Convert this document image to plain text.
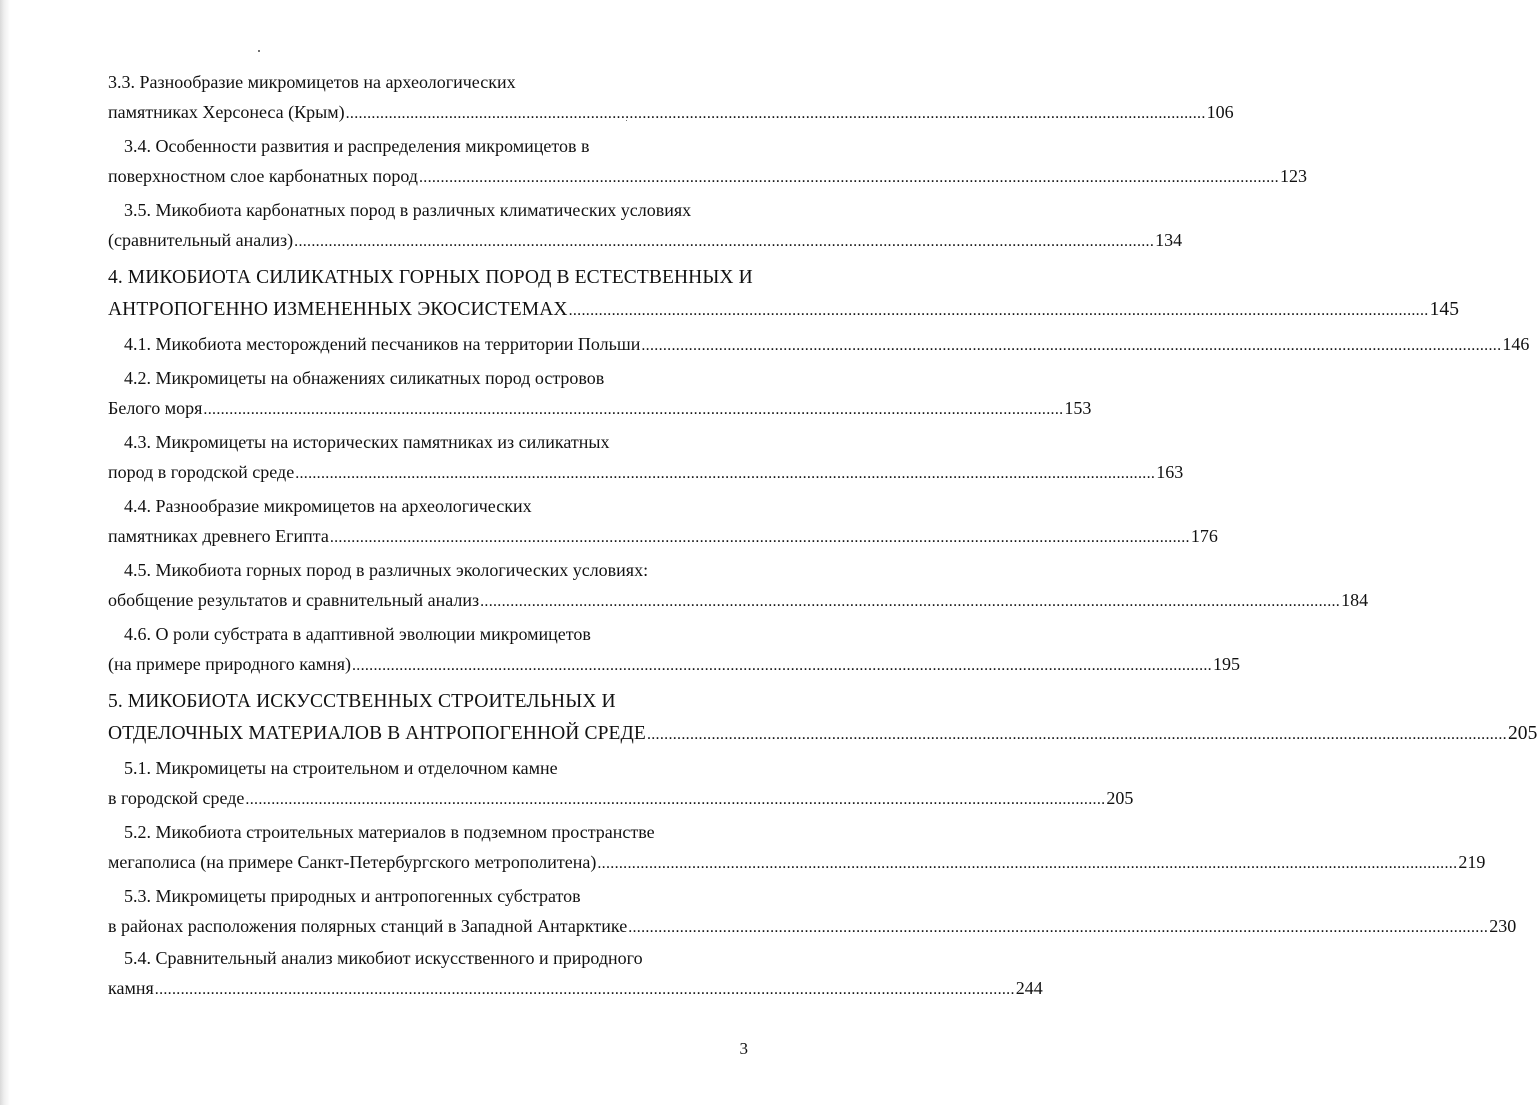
3.3. Разнообразие микромицетов на археологических
памятниках Херсонеса (Крым) ........................................................................................................................................................................................................ 106
3.4. Особенности развития и распределения микромицетов в
поверхностном слое карбонатных пород ........................................................................................................................................................................................................ 123
3.5. Микобиота карбонатных пород в различных климатических условиях
(сравнительный анализ) ........................................................................................................................................................................................................ 134
4. МИКОБИОТА СИЛИКАТНЫХ ГОРНЫХ ПОРОД В ЕСТЕСТВЕННЫХ И
АНТРОПОГЕННО ИЗМЕНЕННЫХ ЭКОСИСТЕМАХ ........................................................................................................................................................................................................ 145
4.1. Микобиота месторождений песчаников на территории Польши ........................................................................................................................................................................................................ 146
4.2. Микромицеты на обнажениях силикатных пород островов
Белого моря ........................................................................................................................................................................................................ 153
4.3. Микромицеты на исторических памятниках из силикатных
пород в городской среде ........................................................................................................................................................................................................ 163
4.4. Разнообразие микромицетов на археологических
памятниках древнего Египта ........................................................................................................................................................................................................ 176
4.5. Микобиота горных пород в различных экологических условиях:
обобщение результатов и сравнительный анализ ........................................................................................................................................................................................................ 184
4.6. О роли субстрата в адаптивной эволюции микромицетов
(на примере природного камня) ........................................................................................................................................................................................................ 195
5. МИКОБИОТА ИСКУССТВЕННЫХ СТРОИТЕЛЬНЫХ И
ОТДЕЛОЧНЫХ МАТЕРИАЛОВ В АНТРОПОГЕННОЙ СРЕДЕ ........................................................................................................................................................................................................ 205
5.1. Микромицеты на строительном и отделочном камне
в городской среде ........................................................................................................................................................................................................ 205
5.2. Микобиота строительных материалов в подземном пространстве
мегаполиса (на примере Санкт-Петербургского метрополитена) ........................................................................................................................................................................................................ 219
5.3. Микромицеты природных и антропогенных субстратов
в районах расположения полярных станций в Западной Антарктике ........................................................................................................................................................................................................ 230
5.4. Сравнительный анализ микобиот искусственного и природного
камня ........................................................................................................................................................................................................ 244
3
